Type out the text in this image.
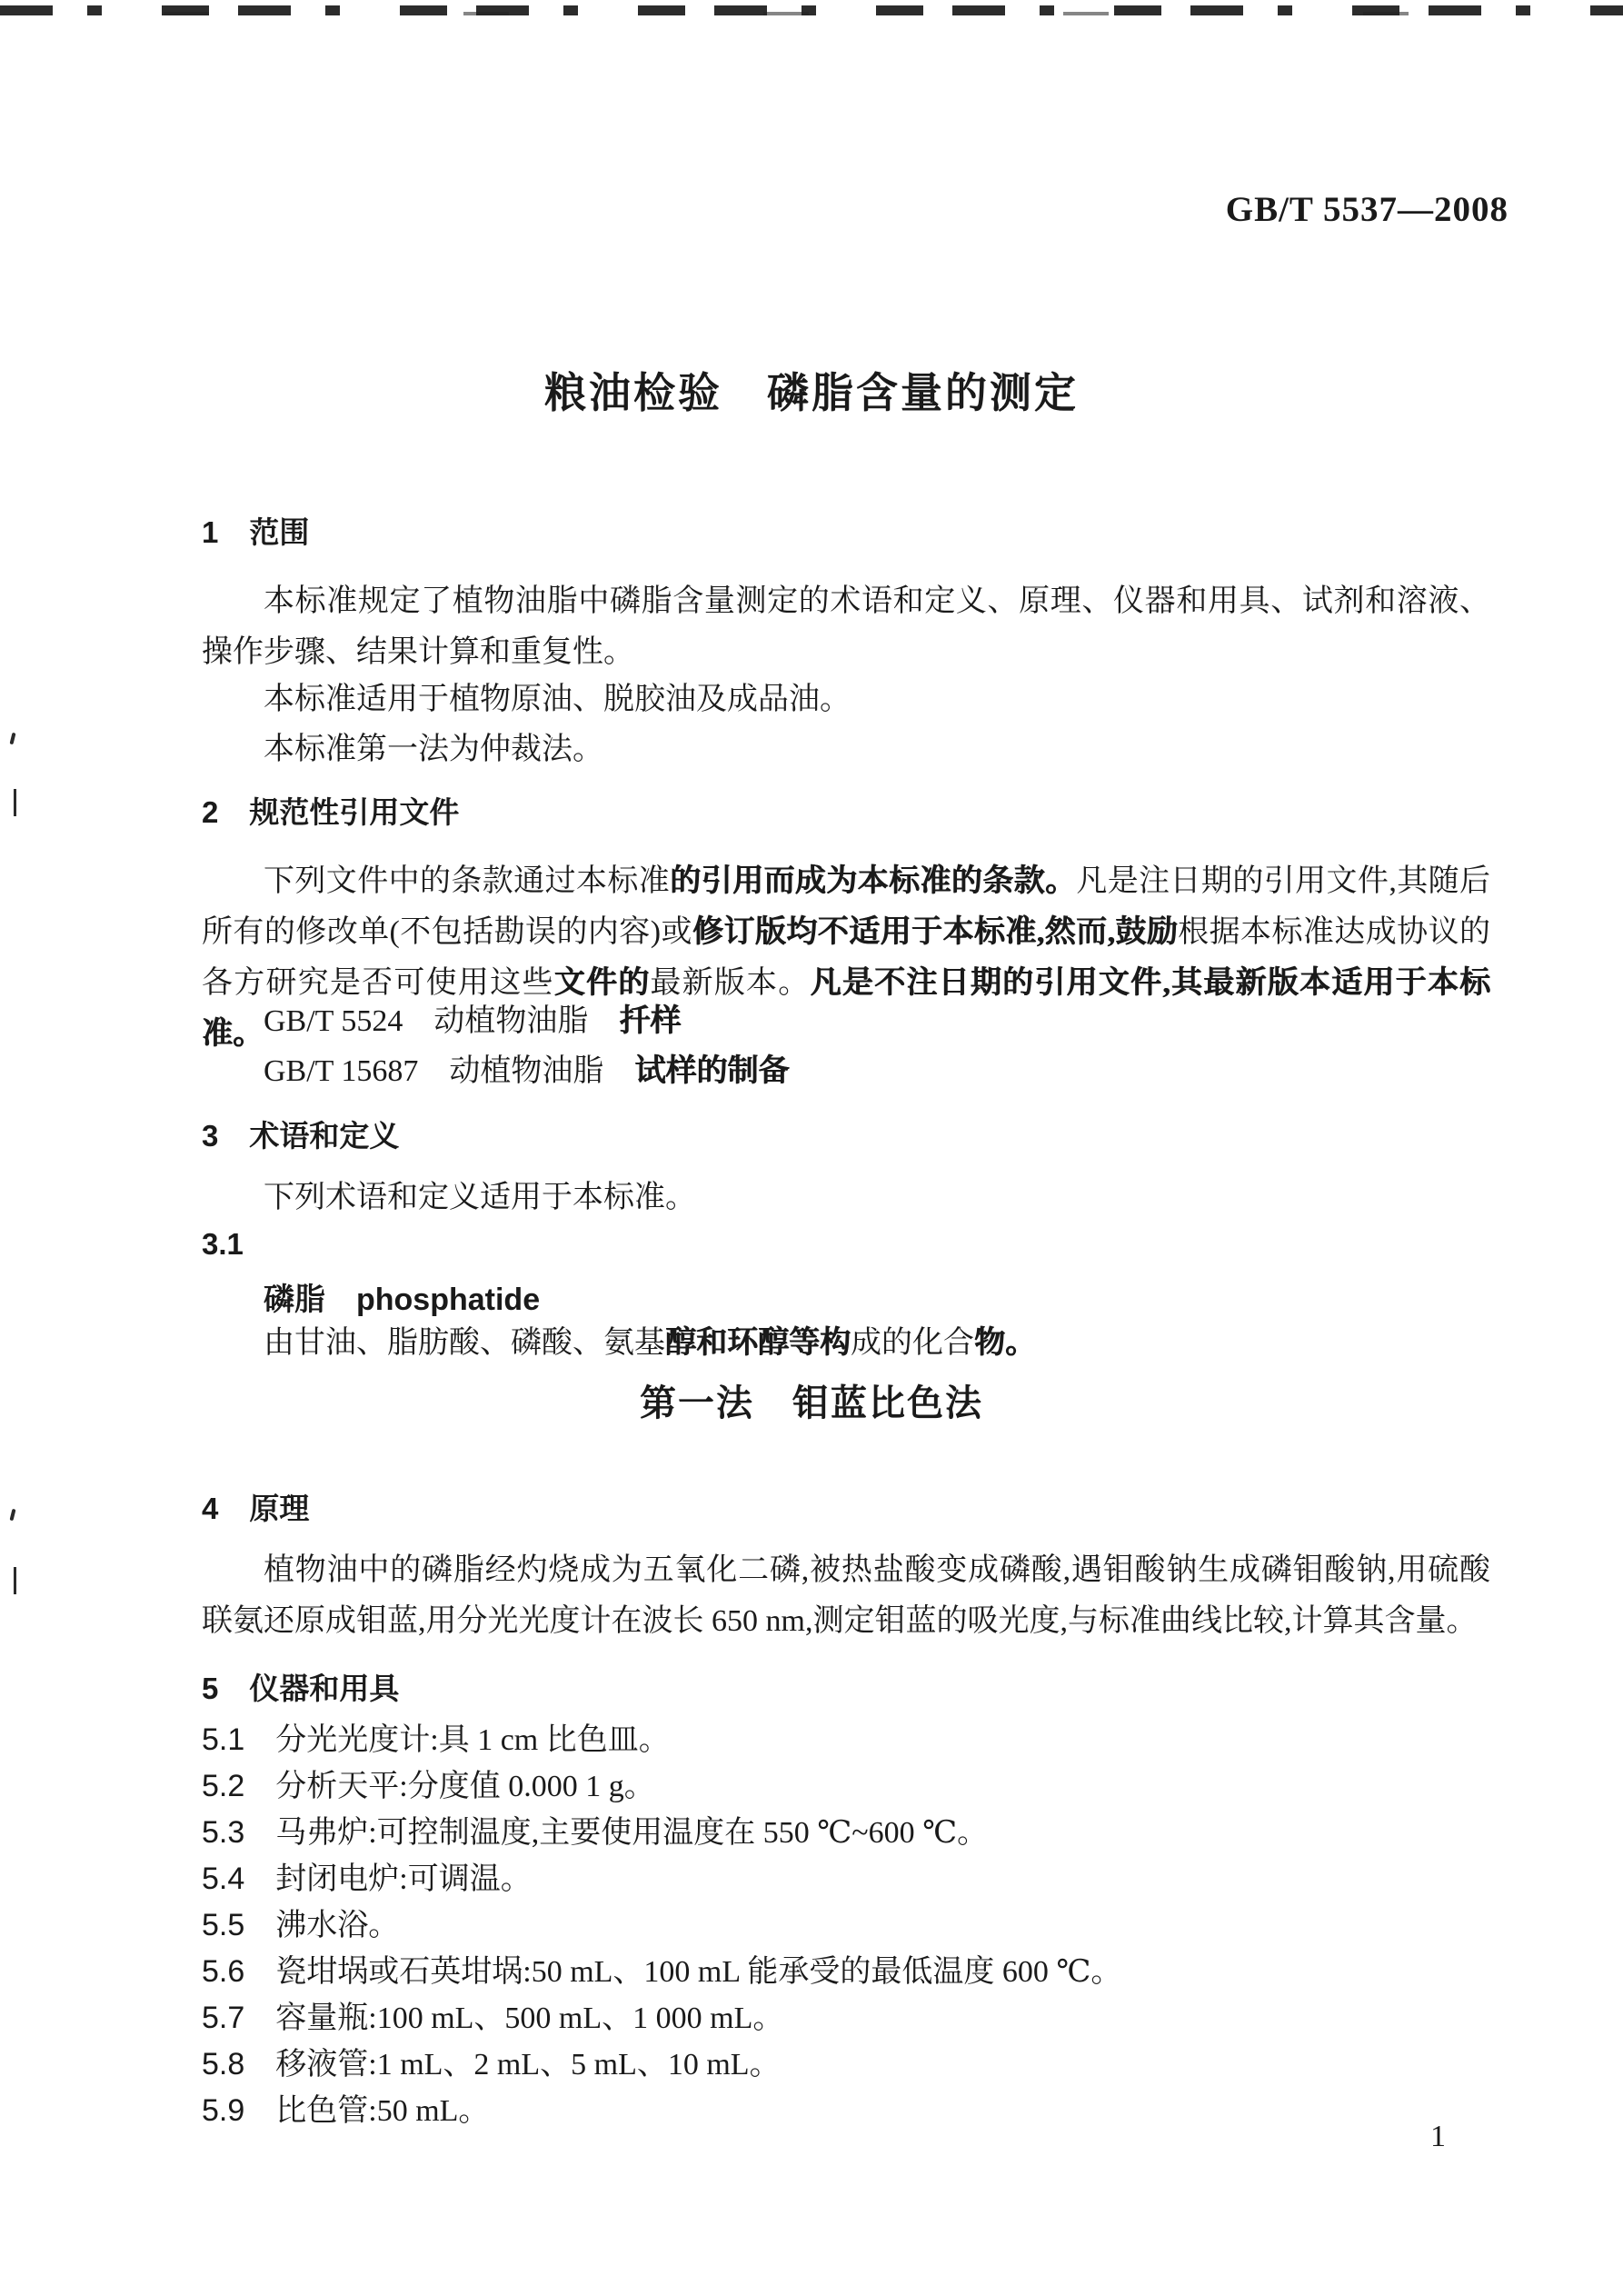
GB/T 5537—2008
粮油检验　磷脂含量的测定
1 范围
本标准规定了植物油脂中磷脂含量测定的术语和定义、原理、仪器和用具、试剂和溶液、操作步骤、结果计算和重复性。
本标准适用于植物原油、脱胶油及成品油。
本标准第一法为仲裁法。
2 规范性引用文件
下列文件中的条款通过本标准的引用而成为本标准的条款。凡是注日期的引用文件,其随后所有的修改单(不包括勘误的内容)或修订版均不适用于本标准,然而,鼓励根据本标准达成协议的各方研究是否可使用这些文件的最新版本。凡是不注日期的引用文件,其最新版本适用于本标准。 GB/T 5524　动植物油脂　扦样
GB/T 15687　动植物油脂　试样的制备
3 术语和定义
下列术语和定义适用于本标准。
3.1
磷脂　phosphatide
由甘油、脂肪酸、磷酸、氨基醇和环醇等构成的化合物。
第一法　钼蓝比色法
4 原理
植物油中的磷脂经灼烧成为五氧化二磷,被热盐酸变成磷酸,遇钼酸钠生成磷钼酸钠,用硫酸联氨还原成钼蓝,用分光光度计在波长 650 nm,测定钼蓝的吸光度,与标准曲线比较,计算其含量。
5 仪器和用具
5.1 分光光度计:具 1 cm 比色皿。
5.2 分析天平:分度值 0.000 1 g。
5.3 马弗炉:可控制温度,主要使用温度在 550 ℃~600 ℃。
5.4 封闭电炉:可调温。
5.5 沸水浴。
5.6 瓷坩埚或石英坩埚:50 mL、100 mL 能承受的最低温度 600 ℃。
5.7 容量瓶:100 mL、500 mL、1 000 mL。
5.8 移液管:1 mL、2 mL、5 mL、10 mL。
5.9 比色管:50 mL。
1
